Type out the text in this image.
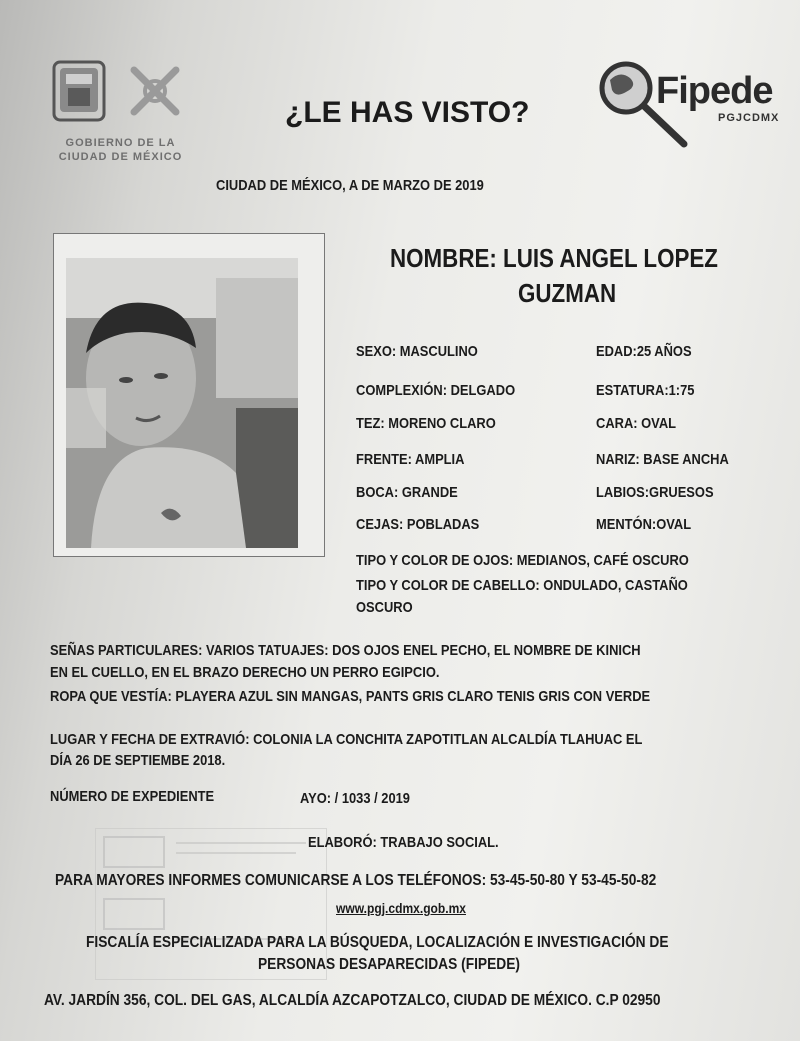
GOBIERNO DE LA
CIUDAD DE MÉXICO
Fipede
PGJCDMX
¿LE HAS VISTO?
CIUDAD DE MÉXICO, A DE MARZO DE 2019
NOMBRE: LUIS ANGEL LOPEZ
GUZMAN
SEXO: MASCULINO	EDAD:25 AÑOS
COMPLEXIÓN: DELGADO	ESTATURA:1:75
TEZ: MORENO CLARO	CARA: OVAL
FRENTE: AMPLIA	NARIZ: BASE ANCHA
BOCA: GRANDE	LABIOS:GRUESOS
CEJAS: POBLADAS	MENTÓN:OVAL
TIPO Y COLOR DE OJOS: MEDIANOS, CAFÉ OSCURO
TIPO Y COLOR DE CABELLO: ONDULADO, CASTAÑO
OSCURO
SEÑAS PARTICULARES: VARIOS TATUAJES: DOS OJOS ENEL PECHO, EL NOMBRE DE KINICH
EN EL CUELLO, EN EL BRAZO DERECHO UN PERRO EGIPCIO.
ROPA QUE VESTÍA: PLAYERA AZUL SIN MANGAS, PANTS GRIS CLARO TENIS GRIS CON VERDE
LUGAR Y FECHA DE EXTRAVIÓ: COLONIA LA CONCHITA ZAPOTITLAN ALCALDÍA TLAHUAC EL
DÍA 26 DE SEPTIEMBE 2018.
NÚMERO DE EXPEDIENTE	AYO: / 1033 / 2019
ELABORÓ: TRABAJO SOCIAL.
PARA MAYORES INFORMES COMUNICARSE A LOS TELÉFONOS: 53-45-50-80 Y 53-45-50-82
www.pgj.cdmx.gob.mx
FISCALÍA ESPECIALIZADA PARA LA BÚSQUEDA, LOCALIZACIÓN E INVESTIGACIÓN DE
PERSONAS DESAPARECIDAS (FIPEDE)
AV. JARDÍN 356, COL. DEL GAS, ALCALDÍA AZCAPOTZALCO, CIUDAD DE MÉXICO. C.P 02950
